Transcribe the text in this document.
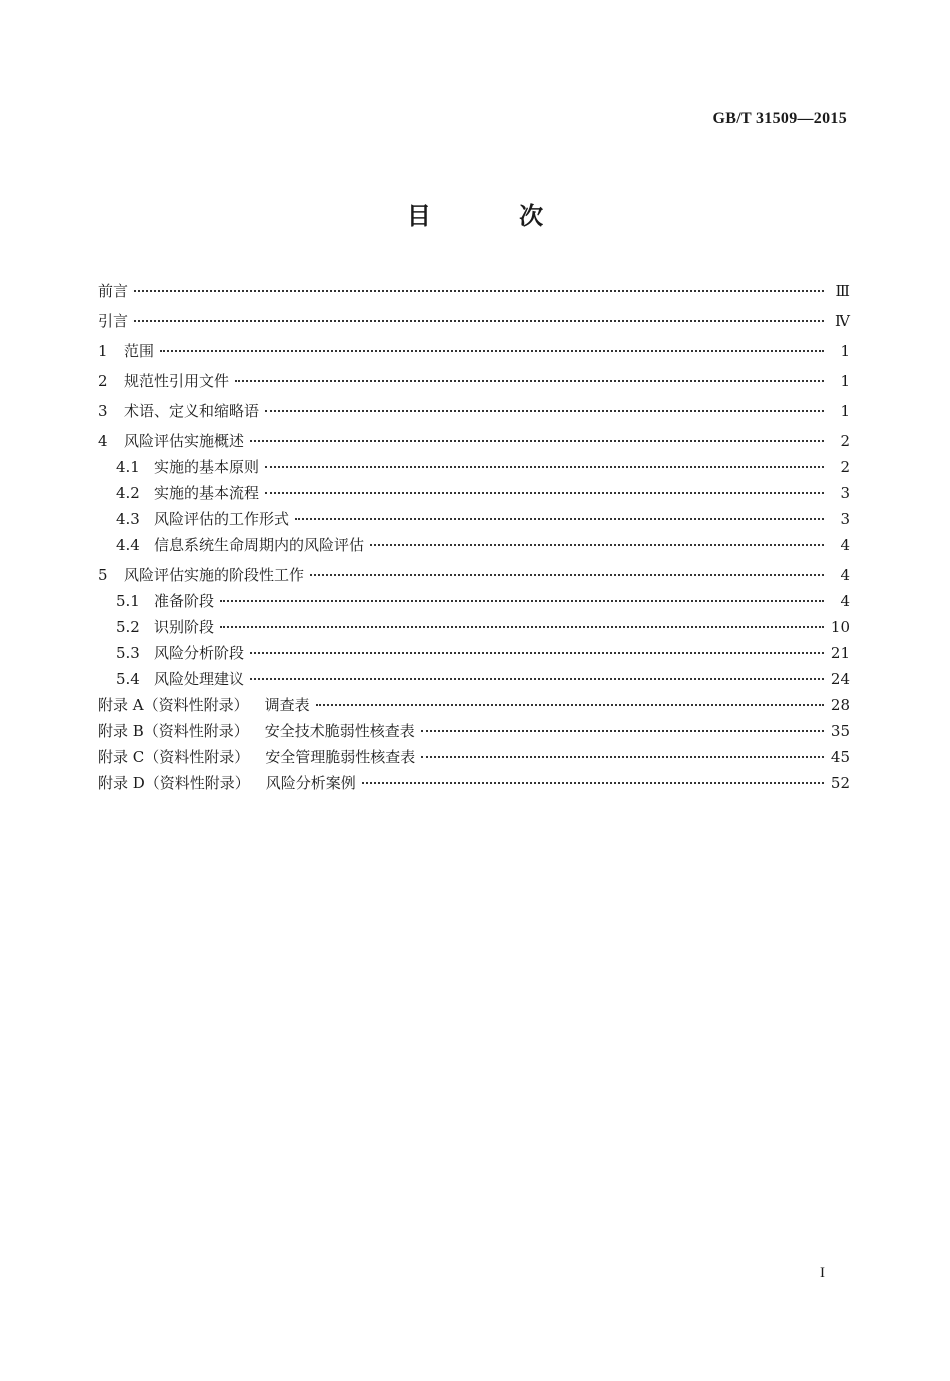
GB/T 31509—2015
目 次
前言	Ⅲ
引言	Ⅳ
1	范围	1
2	规范性引用文件	1
3	术语、定义和缩略语	1
4	风险评估实施概述	2
4.1 实施的基本原则	2
4.2 实施的基本流程	3
4.3 风险评估的工作形式	3
4.4 信息系统生命周期内的风险评估	4
5	风险评估实施的阶段性工作	4
5.1 准备阶段	4
5.2 识别阶段	10
5.3 风险分析阶段	21
5.4 风险处理建议	24
附录 A（资料性附录） 调查表	28
附录 B（资料性附录） 安全技术脆弱性核查表	35
附录 C（资料性附录） 安全管理脆弱性核查表	45
附录 D（资料性附录） 风险分析案例	52
I
